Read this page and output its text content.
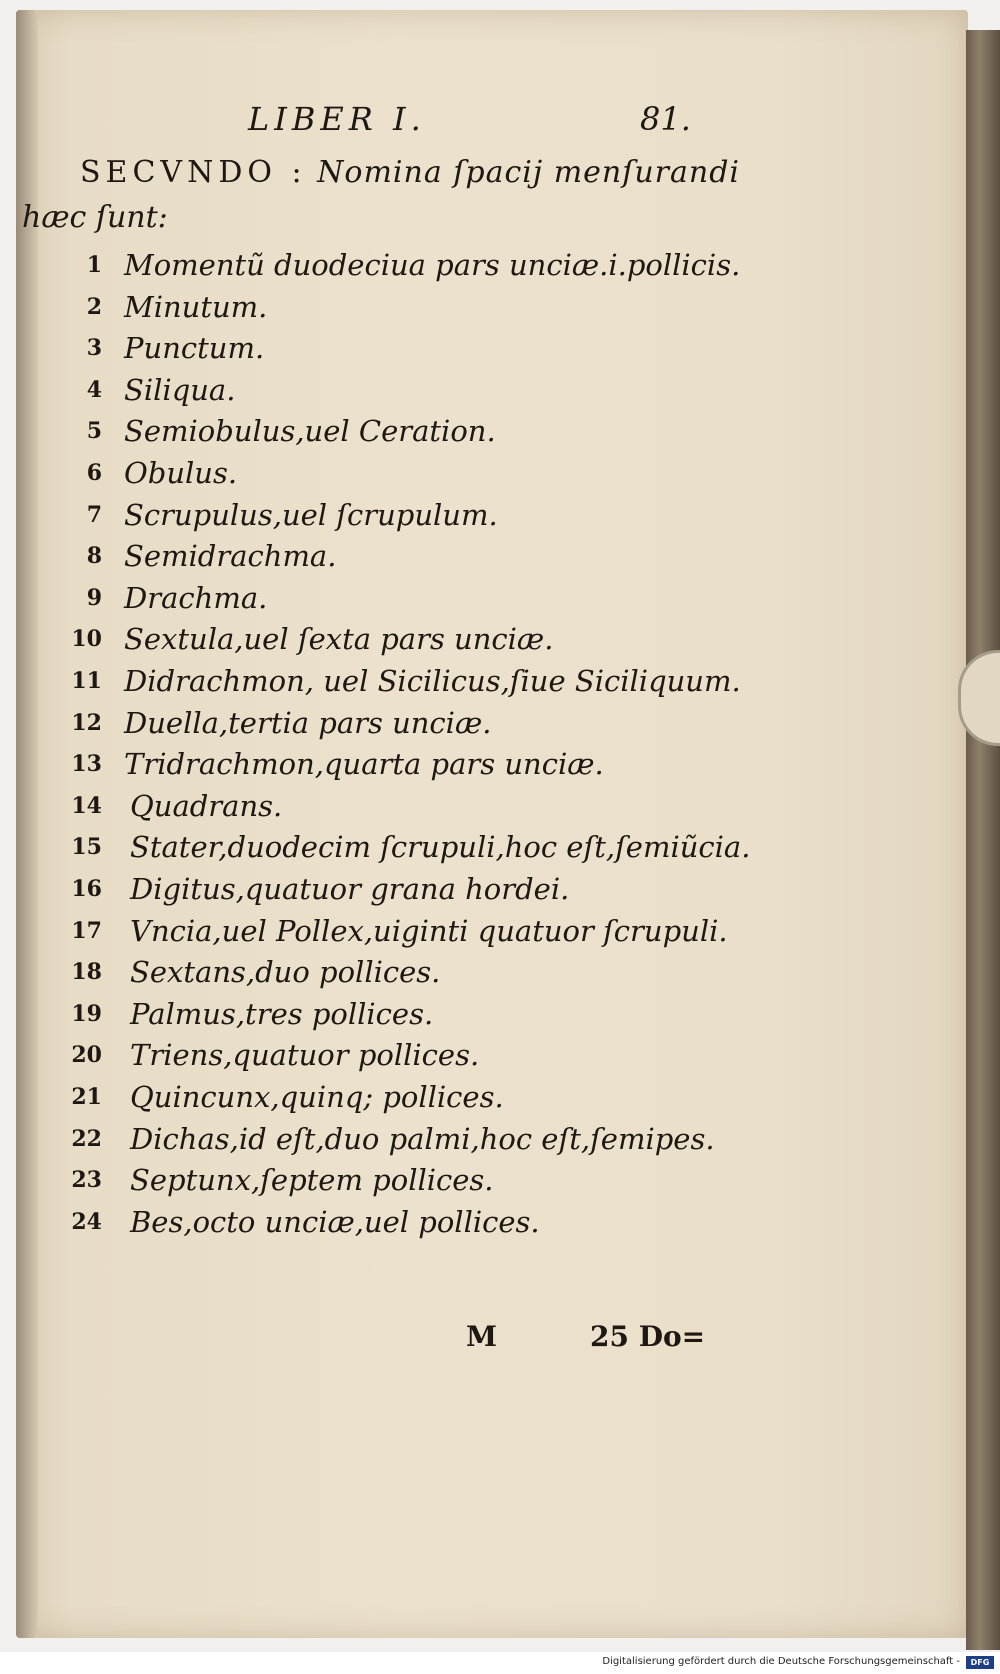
LIBER I.	81.
SECVNDO : Nomina ſpacij menſurandi
hæc ſunt:
1 Momentũ duodeciua pars unciæ.i.pollicis.
2 Minutum.
3 Punctum.
4 Siliqua.
5 Semiobulus,uel Ceration.
6 Obulus.
7 Scrupulus,uel ſcrupulum.
8 Semidrachma.
9 Drachma.
10 Sextula,uel ſexta pars unciæ.
11 Didrachmon, uel Sicilicus,ſiue Siciliquum.
12 Duella,tertia pars unciæ.
13 Tridrachmon,quarta pars unciæ.
14 Quadrans.
15 Stater,duodecim ſcrupuli,hoc eſt,ſemiũcia.
16 Digitus,quatuor grana hordei.
17 Vncia,uel Pollex,uiginti quatuor ſcrupuli.
18 Sextans,duo pollices.
19 Palmus,tres pollices.
20 Triens,quatuor pollices.
21 Quincunx,quinq; pollices.
22 Dichas,id eſt,duo palmi,hoc eſt,ſemipes.
23 Septunx,ſeptem pollices.
24 Bes,octo unciæ,uel pollices.
M	25 Do=
Digitalisierung gefördert durch die Deutsche Forschungsgemeinschaft -	DFG
